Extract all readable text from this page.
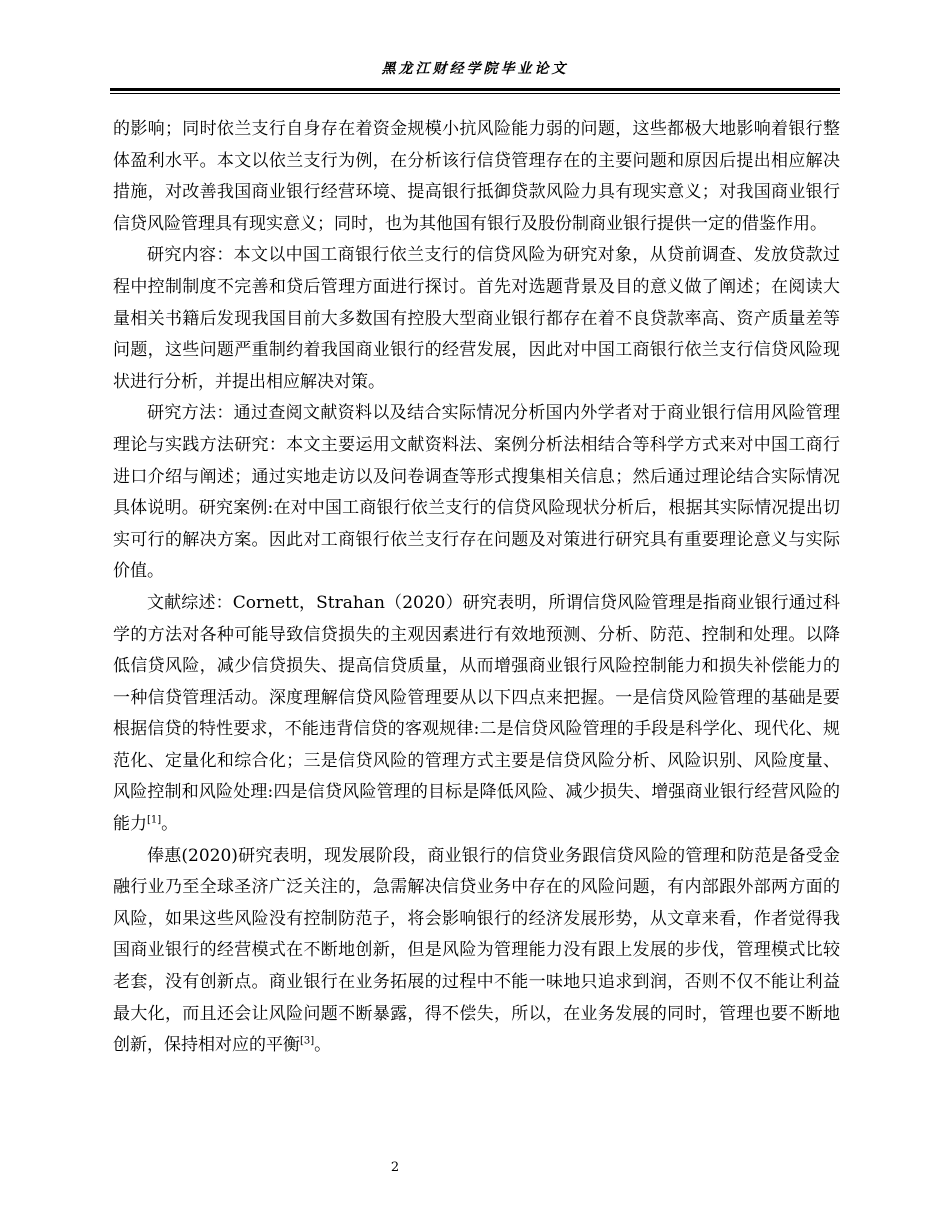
黑龙江财经学院毕业论文

的影响；同时依兰支行自身存在着资金规模小抗风险能力弱的问题，这些都极大地影响着银行整体盈利水平。本文以依兰支行为例，在分析该行信贷管理存在的主要问题和原因后提出相应解决措施，对改善我国商业银行经营环境、提高银行抵御贷款风险力具有现实意义；对我国商业银行信贷风险管理具有现实意义；同时，也为其他国有银行及股份制商业银行提供一定的借鉴作用。

研究内容：本文以中国工商银行依兰支行的信贷风险为研究对象，从贷前调查、发放贷款过程中控制制度不完善和贷后管理方面进行探讨。首先对选题背景及目的意义做了阐述；在阅读大量相关书籍后发现我国目前大多数国有控股大型商业银行都存在着不良贷款率高、资产质量差等问题，这些问题严重制约着我国商业银行的经营发展，因此对中国工商银行依兰支行信贷风险现状进行分析，并提出相应解决对策。

研究方法：通过查阅文献资料以及结合实际情况分析国内外学者对于商业银行信用风险管理理论与实践方法研究：本文主要运用文献资料法、案例分析法相结合等科学方式来对中国工商行进口介绍与阐述；通过实地走访以及问卷调查等形式搜集相关信息；然后通过理论结合实际情况具体说明。研究案例:在对中国工商银行依兰支行的信贷风险现状分析后，根据其实际情况提出切实可行的解决方案。因此对工商银行依兰支行存在问题及对策进行研究具有重要理论意义与实际价值。

文献综述：Cornett，Strahan（2020）研究表明，所谓信贷风险管理是指商业银行通过科学的方法对各种可能导致信贷损失的主观因素进行有效地预测、分析、防范、控制和处理。以降低信贷风险，减少信贷损失、提高信贷质量，从而增强商业银行风险控制能力和损失补偿能力的一种信贷管理活动。深度理解信贷风险管理要从以下四点来把握。一是信贷风险管理的基础是要根据信贷的特性要求，不能违背信贷的客观规律:二是信贷风险管理的手段是科学化、现代化、规范化、定量化和综合化；三是信贷风险的管理方式主要是信贷风险分析、风险识别、风险度量、风险控制和风险处理:四是信贷风险管理的目标是降低风险、减少损失、增强商业银行经营风险的能力[1]。

俸惠(2020)研究表明，现发展阶段，商业银行的信贷业务跟信贷风险的管理和防范是备受金融行业乃至全球圣济广泛关注的，急需解决信贷业务中存在的风险问题，有内部跟外部两方面的风险，如果这些风险没有控制防范子，将会影响银行的经济发展形势，从文章来看，作者觉得我国商业银行的经营模式在不断地创新，但是风险为管理能力没有跟上发展的步伐，管理模式比较老套，没有创新点。商业银行在业务拓展的过程中不能一味地只追求到润，否则不仅不能让利益最大化，而且还会让风险问题不断暴露，得不偿失，所以，在业务发展的同时，管理也要不断地创新，保持相对应的平衡[3]。

2
